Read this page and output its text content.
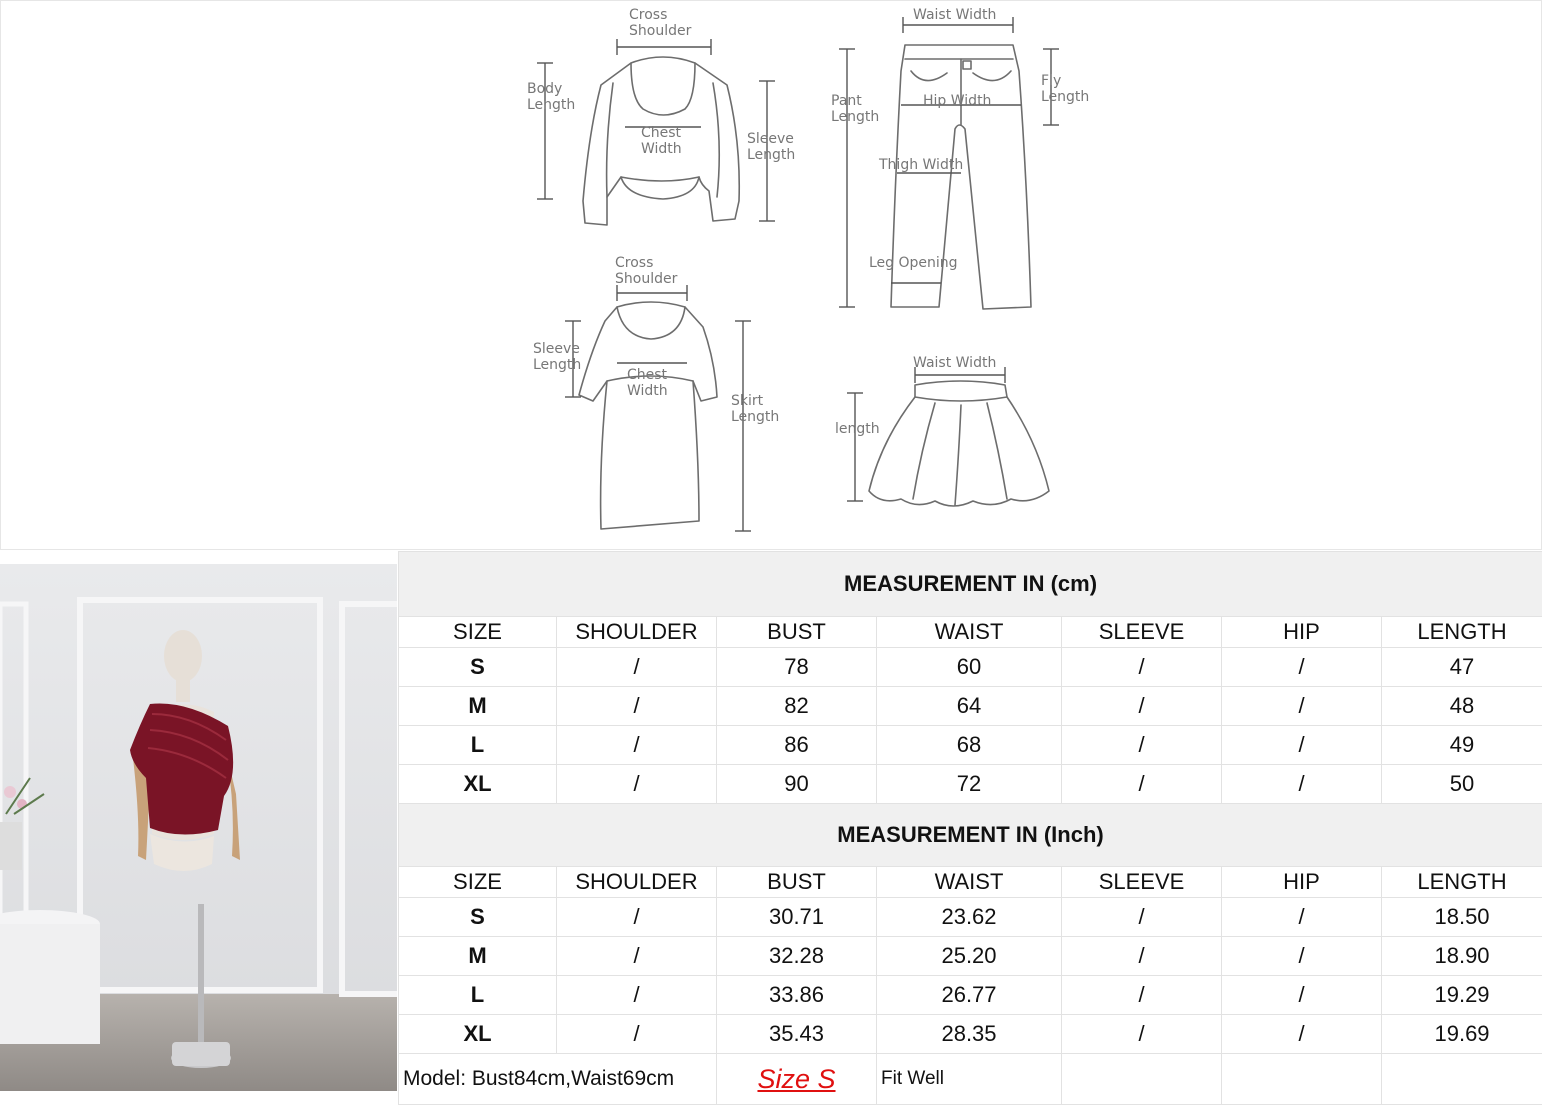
Cross
Shoulder
Body
Length
Chest
Width
Sleeve
Length
Waist Width
Pant
Length
Hip Width
Fly
Length
Thigh Width
Leg Opening
Cross
Shoulder
Sleeve
Length
Chest
Width
Skirt
Length
Waist Width
length
MEASUREMENT IN (cm)						
SIZE	SHOULDER	BUST	WAIST	SLEEVE	HIP	LENGTH
S	/	78	60	/	/	47
M	/	82	64	/	/	48
L	/	86	68	/	/	49
XL	/	90	72	/	/	50
MEASUREMENT IN (Inch)						
SIZE	SHOULDER	BUST	WAIST	SLEEVE	HIP	LENGTH
S	/	30.71	23.62	/	/	18.50
M	/	32.28	25.20	/	/	18.90
L	/	33.86	26.77	/	/	19.29
XL	/	35.43	28.35	/	/	19.69
Model: Bust84cm,Waist69cm		Size S	Fit Well			
